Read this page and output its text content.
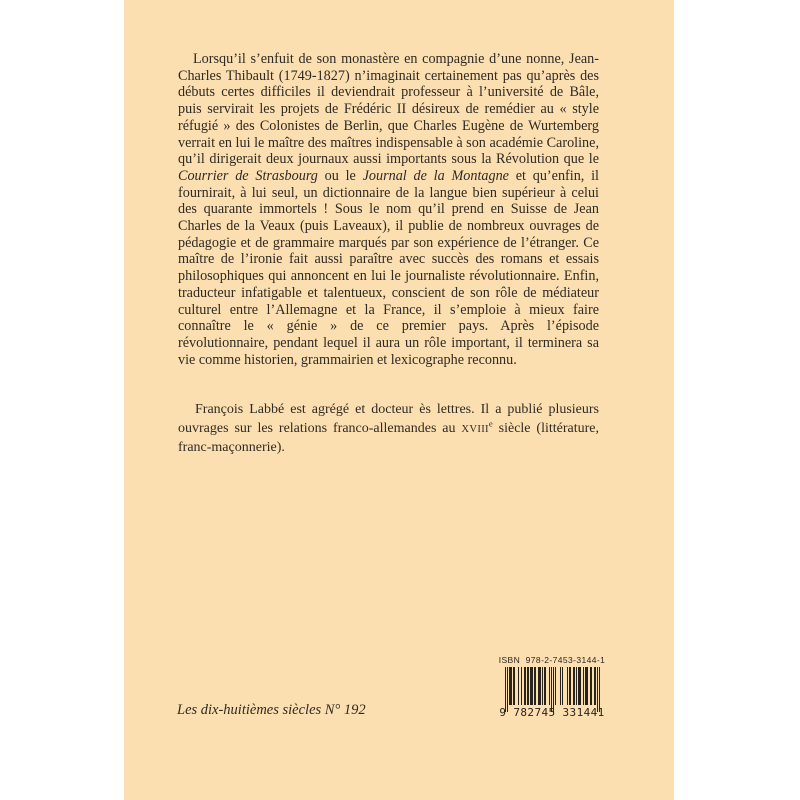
Lorsqu’il s’enfuit de son monastère en compagnie d’une nonne, Jean-Charles Thibault (1749-1827) n’imaginait certainement pas qu’après des débuts certes difficiles il deviendrait professeur à l’université de Bâle, puis servirait les projets de Frédéric II désireux de remédier au « style réfugié » des Colonistes de Berlin, que Charles Eugène de Wurtemberg verrait en lui le maître des maîtres indispensable à son académie Caroline, qu’il dirigerait deux journaux aussi importants sous la Révolution que le Courrier de Strasbourg ou le Journal de la Montagne et qu’enfin, il fournirait, à lui seul, un dictionnaire de la langue bien supérieur à celui des quarante immortels ! Sous le nom qu’il prend en Suisse de Jean Charles de la Veaux (puis Laveaux), il publie de nombreux ouvrages de pédagogie et de grammaire marqués par son expérience de l’étranger. Ce maître de l’ironie fait aussi paraître avec succès des romans et essais philosophiques qui annoncent en lui le journaliste révolutionnaire. Enfin, traducteur infatigable et talentueux, conscient de son rôle de médiateur culturel entre l’Allemagne et la France, il s’emploie à mieux faire connaître le « génie » de ce premier pays. Après l’épisode révolutionnaire, pendant lequel il aura un rôle important, il terminera sa vie comme historien, grammairien et lexicographe reconnu.

François Labbé est agrégé et docteur ès lettres. Il a publié plusieurs ouvrages sur les relations franco-allemandes au XVIIIe siècle (littérature, franc-maçonnerie).

Les dix-huitièmes siècles N° 192
ISBN  978-2-7453-3144-1
9 782745 331441
